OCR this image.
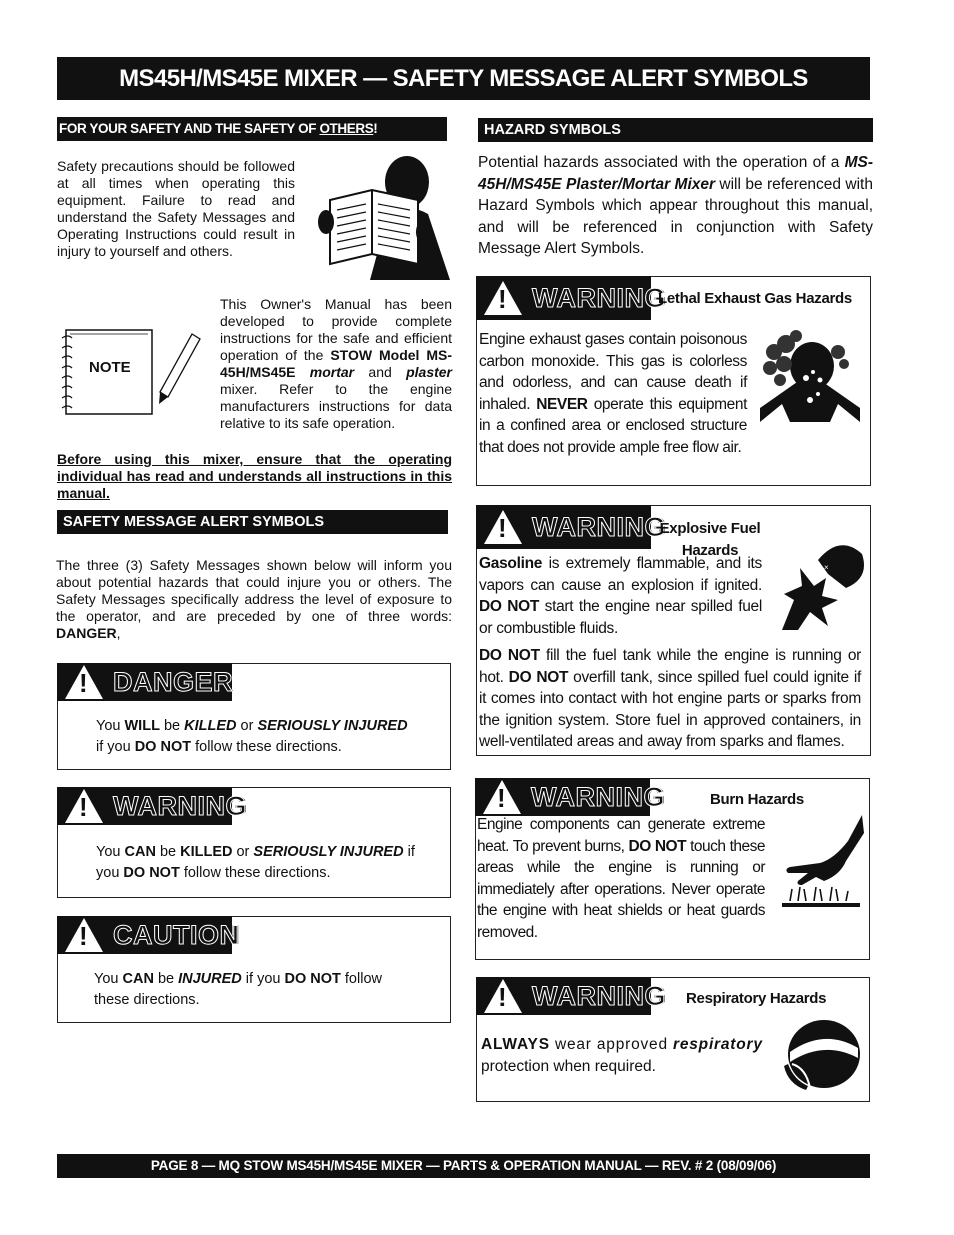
MS45H/MS45E MIXER — SAFETY MESSAGE ALERT SYMBOLS
FOR YOUR SAFETY AND THE SAFETY OF OTHERS!
Safety precautions should be followed at all times when operating this equipment. Failure to read and understand the Safety Messages and Operating Instructions could result in injury to yourself and others.
NOTE
This Owner's Manual has been developed to provide complete instructions for the safe and efficient operation of the STOW Model MS-45H/MS45E mortar and plaster mixer. Refer to the engine manufacturers instructions for data relative to its safe operation.
Before using this mixer, ensure that the operating individual has read and understands all instructions in this manual.
SAFETY MESSAGE ALERT SYMBOLS
The three (3) Safety Messages shown below will inform you about potential hazards that could injure you or others. The Safety Messages specifically address the level of exposure to the operator, and are preceded by one of three words: DANGER,
!
DANGER
You WILL be KILLED or SERIOUSLY INJURED
if you DO NOT follow these directions.
!
WARNING
You CAN be KILLED or SERIOUSLY INJURED if
you DO NOT follow these directions.
!
CAUTION
You CAN be INJURED if you DO NOT follow
these directions.
HAZARD SYMBOLS
Potential hazards associated with the operation of a MS-45H/MS45E Plaster/Mortar Mixer will be referenced with Hazard Symbols which appear throughout this manual, and will be referenced in conjunction with Safety Message Alert Symbols.
!
WARNING
Lethal Exhaust Gas Hazards
Engine exhaust gases contain poisonous carbon monoxide. This gas is colorless and odorless, and can cause death if inhaled. NEVER operate this equipment in a confined area or enclosed structure that does not provide ample free flow air.
!
WARNING
Explosive Fuel Hazards
Gasoline is extremely flammable, and its vapors can cause an explosion if ignited. DO NOT start the engine near spilled fuel or combustible fluids.
DO NOT fill the fuel tank while the engine is running or hot. DO NOT overfill tank, since spilled fuel could ignite if it comes into contact with hot engine parts or sparks from the ignition system. Store fuel in approved containers, in well-ventilated areas and away from sparks and flames.
×
!
WARNING	Burn Hazards
Engine components can generate extreme heat. To prevent burns, DO NOT touch these areas while the engine is running or immediately after operations. Never operate the engine with heat shields or heat guards removed.
!
WARNING Respiratory Hazards
ALWAYS wear approved respiratory
protection when required.
PAGE 8 — MQ STOW MS45H/MS45E MIXER — PARTS & OPERATION MANUAL — REV. # 2 (08/09/06)
